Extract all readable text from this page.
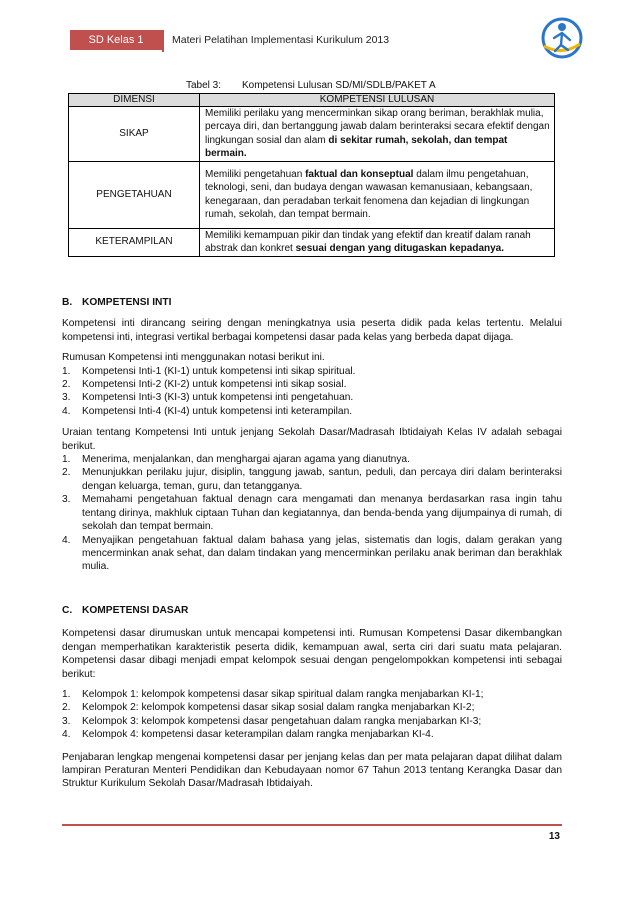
SD Kelas 1	Materi Pelatihan Implementasi Kurikulum 2013
Tabel 3: Kompetensi Lulusan SD/MI/SDLB/PAKET A
DIMENSI	KOMPETENSI LULUSAN
SIKAP	Memiliki perilaku yang mencerminkan sikap orang beriman, berakhlak mulia, percaya diri, dan bertanggung jawab dalam berinteraksi secara efektif dengan lingkungan sosial dan alam di sekitar rumah, sekolah, dan tempat bermain.
PENGETAHUAN	Memiliki pengetahuan faktual dan konseptual dalam ilmu pengetahuan, teknologi, seni, dan budaya dengan wawasan kemanusiaan, kebangsaan, kenegaraan, dan peradaban terkait fenomena dan kejadian di lingkungan rumah, sekolah, dan tempat bermain.
KETERAMPILAN	Memiliki kemampuan pikir dan tindak yang efektif dan kreatif dalam ranah abstrak dan konkret sesuai dengan yang ditugaskan kepadanya.
B. KOMPETENSI INTI

Kompetensi inti dirancang seiring dengan meningkatnya usia peserta didik pada kelas tertentu. Melalui kompetensi inti, integrasi vertikal berbagai kompetensi dasar pada kelas yang berbeda dapat dijaga.

Rumusan Kompetensi inti menggunakan notasi berikut ini.

1. Kompetensi Inti-1 (KI-1) untuk kompetensi inti sikap spiritual.
2. Kompetensi Inti-2 (KI-2) untuk kompetensi inti sikap sosial.
3. Kompetensi Inti-3 (KI-3) untuk kompetensi inti pengetahuan.
4. Kompetensi Inti-4 (KI-4) untuk kompetensi inti keterampilan.

Uraian tentang Kompetensi Inti untuk jenjang Sekolah Dasar/Madrasah Ibtidaiyah Kelas IV adalah sebagai berikut.

1. Menerima, menjalankan, dan menghargai ajaran agama yang dianutnya.
2. Menunjukkan perilaku jujur, disiplin, tanggung jawab, santun, peduli, dan percaya diri dalam berinteraksi dengan keluarga, teman, guru, dan tetangganya.
3. Memahami pengetahuan faktual denagn cara mengamati dan menanya berdasarkan rasa ingin tahu tentang dirinya, makhluk ciptaan Tuhan dan kegiatannya, dan benda-benda yang dijumpainya di rumah, di sekolah dan tempat bermain.
4. Menyajikan pengetahuan faktual dalam bahasa yang jelas, sistematis dan logis, dalam gerakan yang mencerminkan anak sehat, dan dalam tindakan yang mencerminkan perilaku anak beriman dan berakhlak mulia.
C. KOMPETENSI DASAR

Kompetensi dasar dirumuskan untuk mencapai kompetensi inti. Rumusan Kompetensi Dasar dikembangkan dengan memperhatikan karakteristik peserta didik, kemampuan awal, serta ciri dari suatu mata pelajaran. Kompetensi dasar dibagi menjadi empat kelompok sesuai dengan pengelompokkan kompetensi inti sebagai berikut:

1. Kelompok 1: kelompok kompetensi dasar sikap spiritual dalam rangka menjabarkan KI-1;
2. Kelompok 2: kelompok kompetensi dasar sikap sosial dalam rangka menjabarkan KI-2;
3. Kelompok 3: kelompok kompetensi dasar pengetahuan dalam rangka menjabarkan KI-3;
4. Kelompok 4: kompetensi dasar keterampilan dalam rangka menjabarkan KI-4.

Penjabaran lengkap mengenai kompetensi dasar per jenjang kelas dan per mata pelajaran dapat dilihat dalam lampiran Peraturan Menteri Pendidikan dan Kebudayaan nomor 67 Tahun 2013 tentang Kerangka Dasar dan Struktur Kurikulum Sekolah Dasar/Madrasah Ibtidaiyah.

13
